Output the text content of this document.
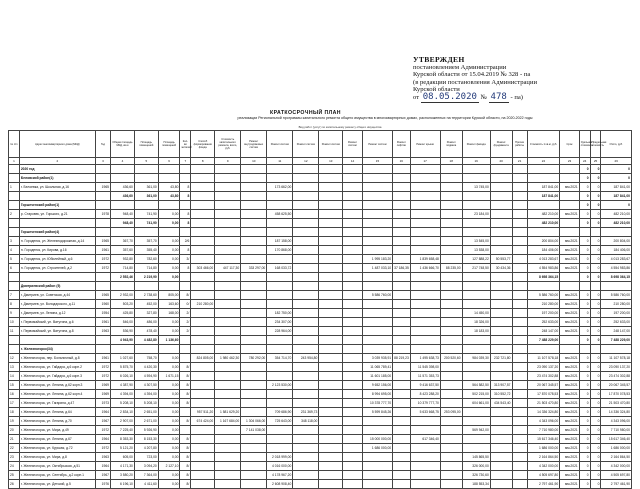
УТВЕРЖДЕН
постановлением Администрации
Курской области от 15.04.2019 № 328 - па
(в редакции постановления Администрации
Курской области
от 08.05.2020 № 478 - па)
КРАТКОСРОЧНЫЙ ПЛАН
реализации Региональной программы капитального ремонта общего имущества в многоквартирных домах, расположенных на территории Курской области, на 2020-2022 годы
Вид работ (услуг) по капитальному ремонту общего имущества
№ п/п	Адрес многоквартирного дома (МКД)	Год	Общая площадь МКД, кв.м	Площадь помещений	Площадь помещений	Кол-во жителей	Способ формирования фонда	Стоимость капитального ремонта, всего, руб.	Ремонт внутридомовых систем	Ремонт систем	Ремонт систем	Ремонт систем	Ремонт систем	Ремонт систем	Ремонт лифтов	Ремонт крыши	Ремонт подвала	Ремонт фасада	Ремонт фундамента	Прочие работы	Стоимость 1 кв.м, руб.	Срок	Удельная стоимость	Предельная стоимость	Итого, руб.
1	2	3	4	5	6	7	8	9	10	11	12	13	14	15	16	17	18	19	20	21	22	23	24	25	26
	2020 год																						0	0	0
	Беловский район(1)																						0	0	0
1	г. Белоевка, ул. Школьная, д.16	1965	436,60	361,00	43,80	8				173 662,00								13 745,00			187 841,00	мм.2021	0	0	187 841,00
			436,60	361,00	43,80	8															187 841,00		0	0	187 841,00
	Горшеченский район(1)																						0	0	0
2	р. Старовек, ул. Горького, д.21	1978	948,40	741,90	0,00	8				458 625,50								23 184,00			482 210,00	мм.2021	0	0	482 210,00
			948,40	741,90	0,00	8															482 210,00		0	0	482 210,00
	Горшеченский район(4)																								
3	п. Городенск, ул. Железнодорожная, д.14	1965	367,70	357,70	0,00	2/6				187 158,00								13 545,00			200 804,00	мм.2021	0	0	200 804,00
4	п. Городенск, ул. Кирова, д.16	1961	357,60	355,40	0,00	8				170 868,00								13 538,00			184 406,00	мм.2021	0	0	184 406,00
5	п. Городенск, ул. Юбилейный, д.6	1972	932,80	782,60	0,00	3/								1 995 183,20		1 839 658,48		127 888,22	50 553,77		4 013 283,67	мм.2021	0	0	4 013 283,67
6	п. Городенск, ул. Строителей, д.2	1972	714,80	714,80	0,00	8	303 466,00	447 117,30	333 297,00	168 033,72				1 487 033,10	37 186,35	1 436 666,70	88 235,00	217 748,50	30 434,36		4 554 983,86	мм.2021	0	0	4 554 983,86
			2 552,46	2 219,90	0,00																8 698 364,15		0	0	8 698 364,15
	Дмитриевский район (5)																								
7	г. Дмитриев, ул. Советская, д.44	1965	2 932,00	2 738,60	805,00	8/								5 586 760,00							5 586 760,00	мм.2021	0	0	5 586 760,00
8	г. Дмитриев, ул. Володарского, д.11	1960	503,20	452,00	163,60	0/	210 280,00														210 280,00	мм.2021	0	0	210 280,00
9	г. Дмитриев, ул. Ленина, д.12	1954	425,80	327,80	168,00	2/				182 750,00								14 450,00			197 200,00	мм.2021	0	0	197 200,00
10	г. Первомайский, ул. Ватутина, д.6	1961	546,00	486,00	0,00	2/				234 307,00								18 326,00			252 633,00	мм.2021	0	0	252 633,00
11	г. Первомайский, ул. Ватутина, д.8	1963	536,90	478,40	0,00	2/				228 964,00								18 183,00			248 147,00	мм.2021	0	0	248 147,00
			4 943,90	4 482,80	1 136,60																7 488 229,00		0	0	7 488 229,00
	г. Железногорск(34)																								
12	г. Железногорск, пер. Больничный, д.8	1961	1 027,60	758,70	0,00		824 805,00	1 980 462,30	780 292,00	354 714,70	243 954,80			3 039 935,91	88 219,23	1 495 638,73	200 520,60	984 039,30	232 721,80		11 107 578,18	мм.2021	0	0	11 107 578,18
13	г. Железногорск, ул. Гайдара, д.6 корп.2	1972	5 875,70	4 420,30	0,00	8/								11 065 789,41		11 545 398,00					23 090 137,20	мм.2021	0	0	23 090 137,20
14	г. Железногорск, ул. Гайдара, д.6 корп.3	1972	6 026,10	4 594,90	1 671,15	8/								11 601 185,00		11 571 353,73					23 474 302,88	мм.2021	0	0	23 474 302,88
15	г. Железногорск, ул. Ленина, д.62 корп.3	1969	4 387,90	4 307,50	0,00	8/				2 123 530,00				9 652 156,00		9 416 637,50		564 582,50	313 907,57		20 067 345,57	мм.2021	0	0	20 067 345,57
16	г. Железногорск, ул. Ленина, д.62 корп.4	1969	4 394,00	4 394,00	0,00	8/								8 994 695,00		8 423 288,20		502 215,00	310 552,72		17 870 078,53	мм.2021	0	0	17 870 078,53
17	г. Железногорск, ул. Гагарина, д.47	1973	5 208,10	5 208,10	0,00	8/								10 378 777,70		10 379 777,70		604 661,00	434 543,40		21 503 470,80	мм.2021	0	0	21 503 470,80
18	г. Железногорск, ул. Ленина, д.64	1964	2 834,10	2 651,00	0,00		957 511,20	1 581 629,20		709 686,90	231 369,73			5 599 845,26		5 633 668,75	253 095,00				14 336 324,80	мм.2021	0	0	14 336 324,80
19	г. Железногорск, ул. Ленина, д.70	1967	2 907,00	2 671,00	0,00	8/	674 424,00	1 167 684,00	1 304 066,00	725 643,00	348 118,00										4 343 096,00	мм.2021	0	0	4 343 096,00
20	г. Железногорск, ул. Мира, д.49	1972	7 225,40	5 926,90	0,00				7 141 038,00									569 942,00			7 710 980,00	мм.2021	0	0	7 710 980,00
21	г. Железногорск, ул. Ленина, д.67	1964	8 353,30	8 153,30	0,00	8/								15 000 000,00		617 346,40					15 617 346,40	мм.2021	0	0	15 617 346,40
22	г. Железногорск, ул. Курская, д.72	1972	5 121,20	4 207,80	0,00	8/								1 686 000,00							1 686 000,00	мм.2021	0	0	1 686 000,00
23	г. Железногорск, ул. Мира, д.8	1963	605,00	723,00	0,00	8/				2 018 999,00								145 865,50			2 164 864,50	мм.2021	0	0	2 164 864,50
24	г. Железногорск, ул. Октябрьская, д.51	1964	4 171,30	3 094,20	2 127,10	8/				4 016 000,00								326 000,00			4 342 000,00	мм.2021	0	0	4 342 000,00
25	г. Железногорск, ул. Сентябрь, д.2 корп.1	1967	3 580,20	7 364,00	0,00	8/				4 178 967,20								326 730,60			4 505 697,80	мм.2021	0	0	4 505 697,80
26	г. Железногорск, ул. Детский, д.5	1976	6 196,10	4 411,60	0,00	8/				2 608 908,40								188 553,34			2 797 461,90	мм.2021	0	0	2 797 461,90
